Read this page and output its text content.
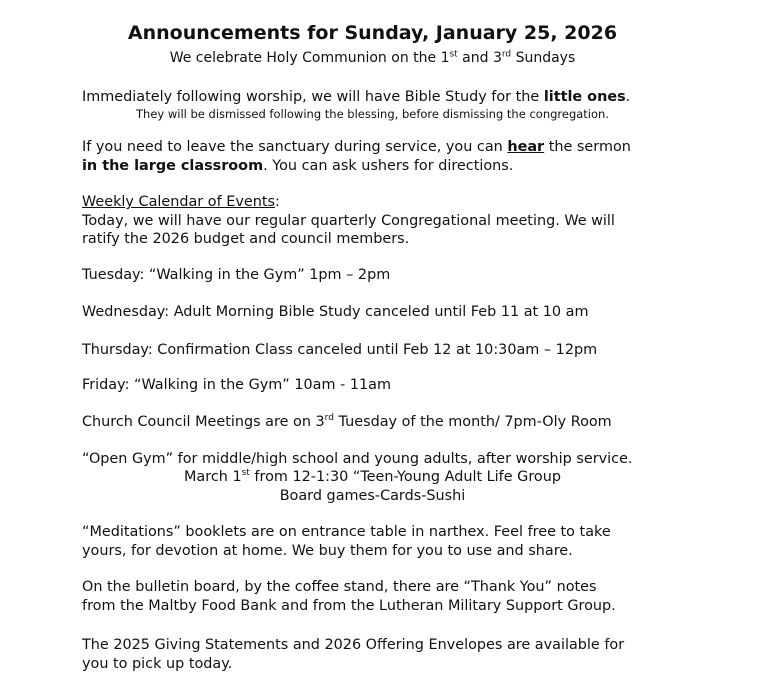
Announcements for Sunday, January 25, 2026
We celebrate Holy Communion on the 1st and 3rd Sundays
Immediately following worship, we will have Bible Study for the little ones.
They will be dismissed following the blessing, before dismissing the congregation.
If you need to leave the sanctuary during service, you can hear the sermon
in the large classroom. You can ask ushers for directions.
Weekly Calendar of Events:
Today, we will have our regular quarterly Congregational meeting. We will
ratify the 2026 budget and council members.
Tuesday: “Walking in the Gym” 1pm – 2pm
Wednesday: Adult Morning Bible Study canceled until Feb 11 at 10 am
Thursday: Confirmation Class canceled until Feb 12 at 10:30am – 12pm
Friday: “Walking in the Gym” 10am - 11am
Church Council Meetings are on 3rd Tuesday of the month/ 7pm-Oly Room
“Open Gym” for middle/high school and young adults, after worship service.
March 1st from 12-1:30 “Teen-Young Adult Life Group
Board games-Cards-Sushi
“Meditations” booklets are on entrance table in narthex. Feel free to take
yours, for devotion at home. We buy them for you to use and share.
On the bulletin board, by the coffee stand, there are “Thank You” notes
from the Maltby Food Bank and from the Lutheran Military Support Group.
The 2025 Giving Statements and 2026 Offering Envelopes are available for
you to pick up today.
